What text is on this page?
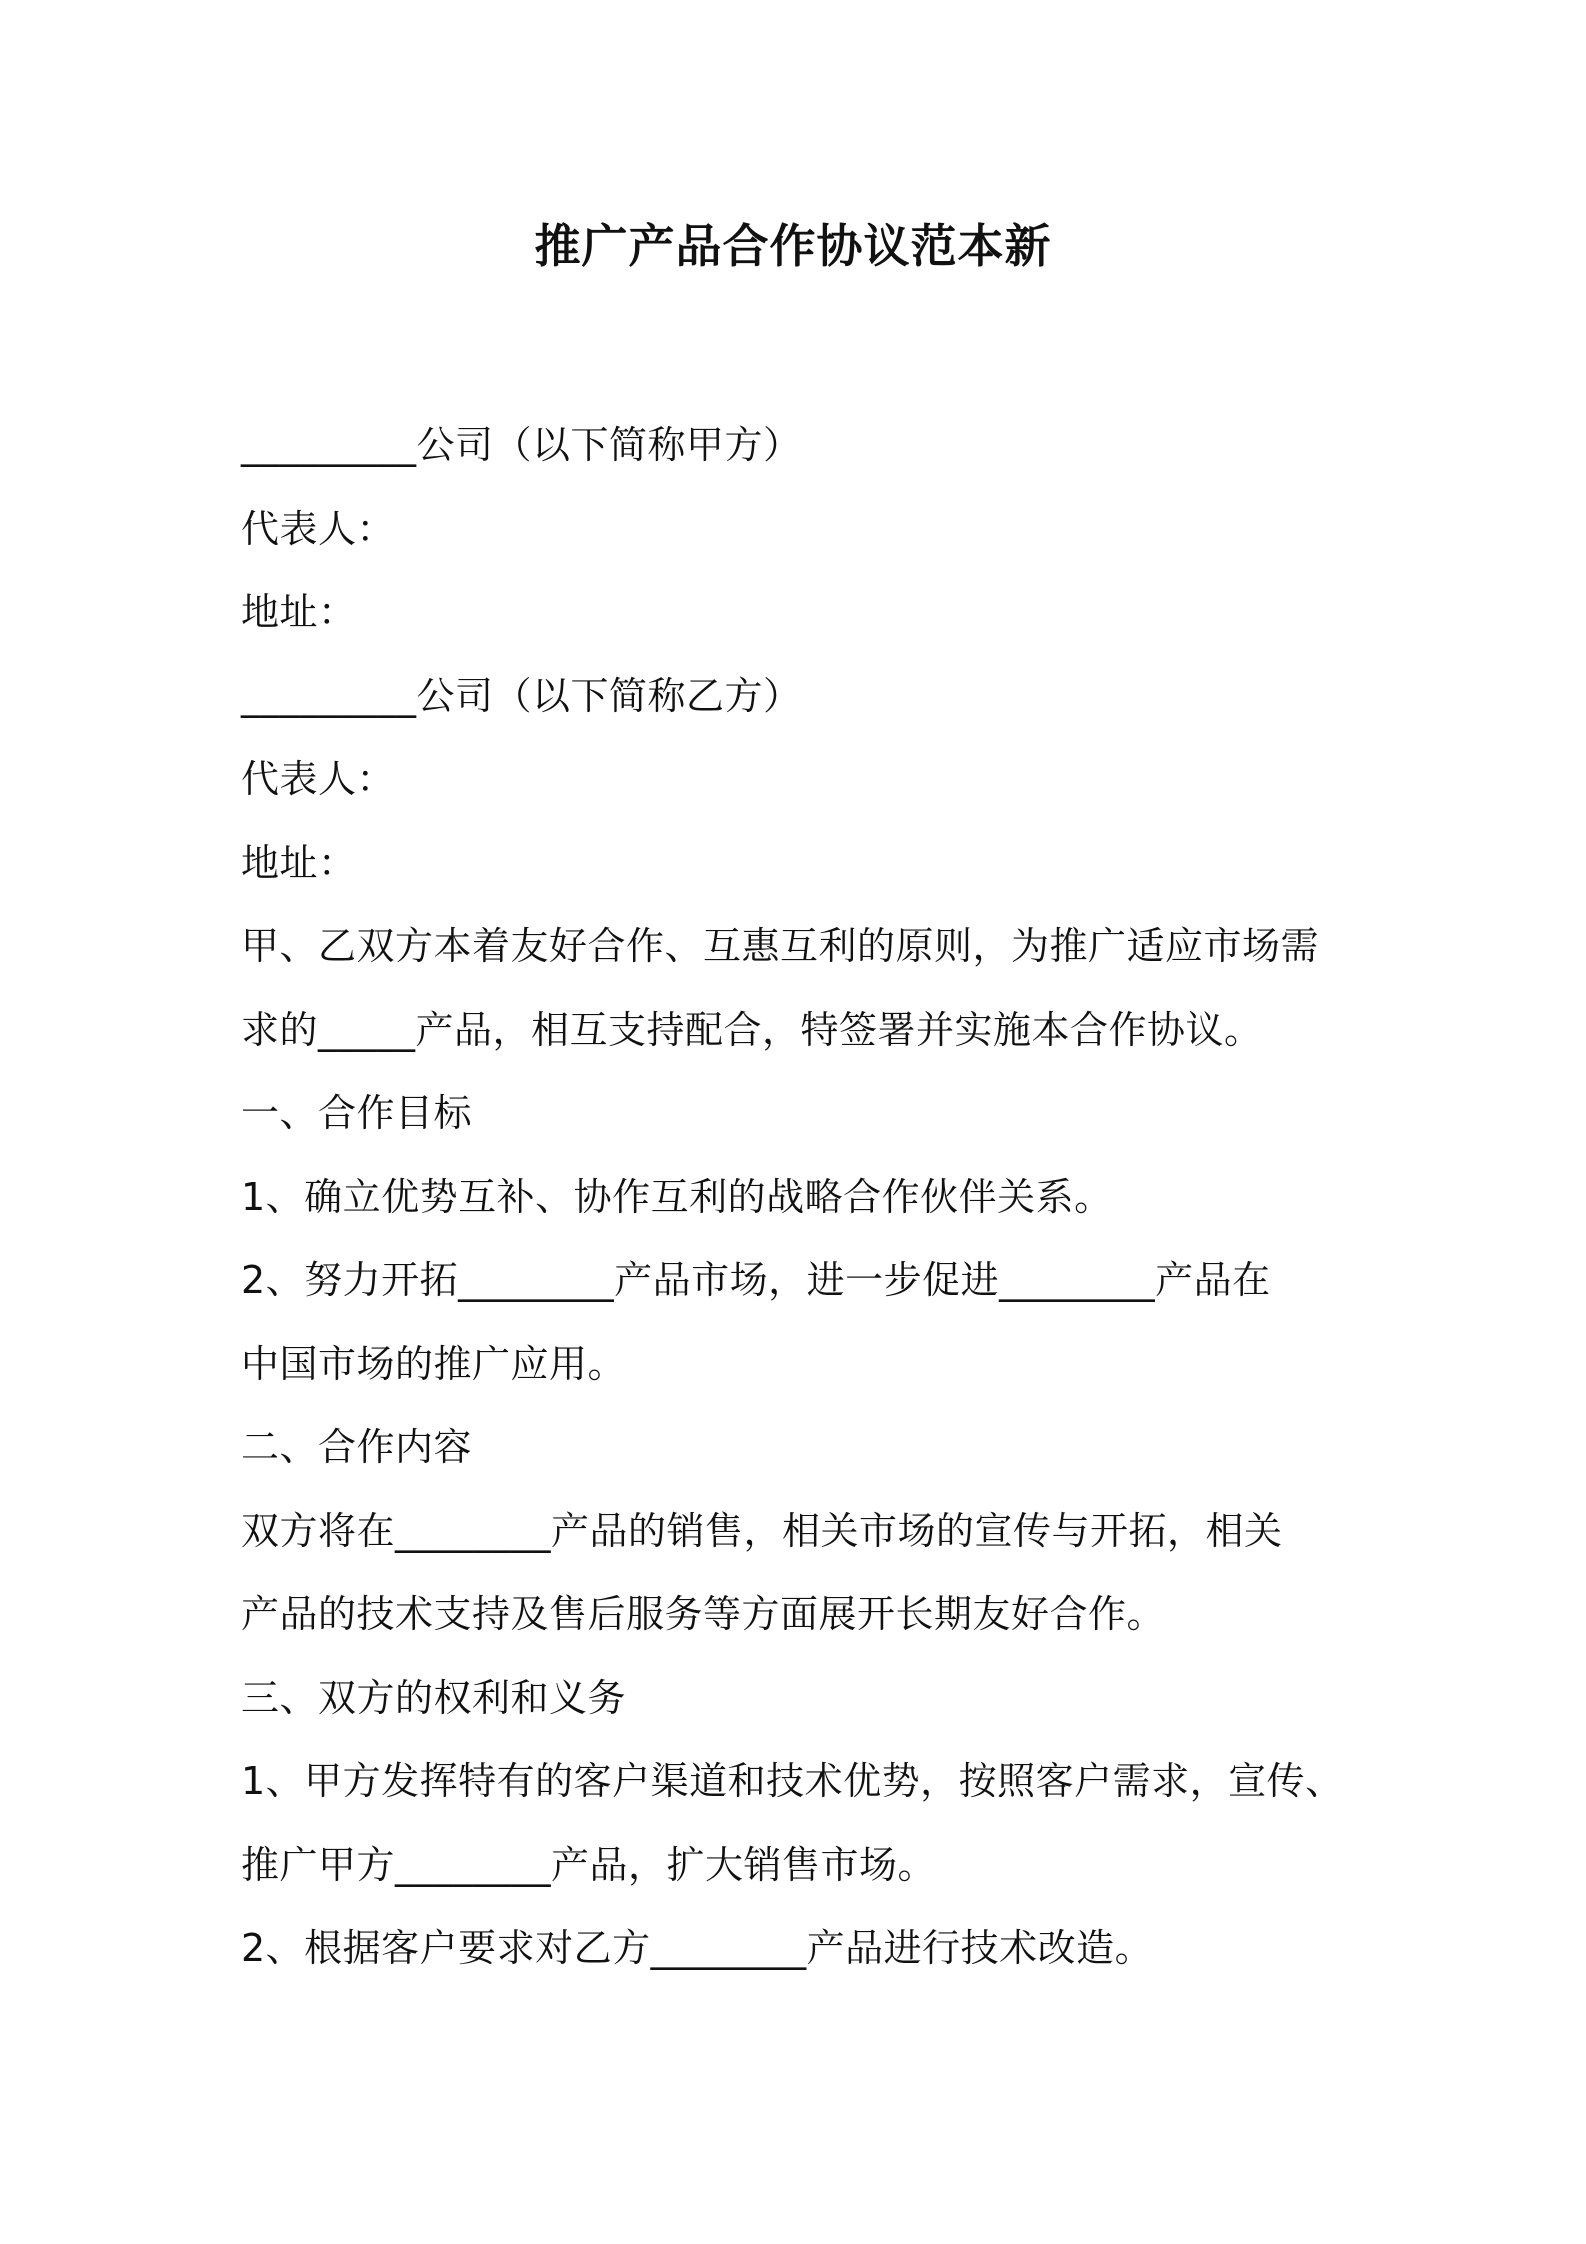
推广产品合作协议范本新
_________公司（以下简称甲方）
代表人：
地址：
_________公司（以下简称乙方）
代表人：
地址：
甲、乙双方本着友好合作、互惠互利的原则，为推广适应市场需
求的_____产品，相互支持配合，特签署并实施本合作协议。
一、合作目标
1、确立优势互补、协作互利的战略合作伙伴关系。
2、努力开拓________产品市场，进一步促进________产品在
中国市场的推广应用。
二、合作内容
双方将在________产品的销售，相关市场的宣传与开拓，相关
产品的技术支持及售后服务等方面展开长期友好合作。
三、双方的权利和义务
1、甲方发挥特有的客户渠道和技术优势，按照客户需求，宣传、
推广甲方________产品，扩大销售市场。
2、根据客户要求对乙方________产品进行技术改造。
